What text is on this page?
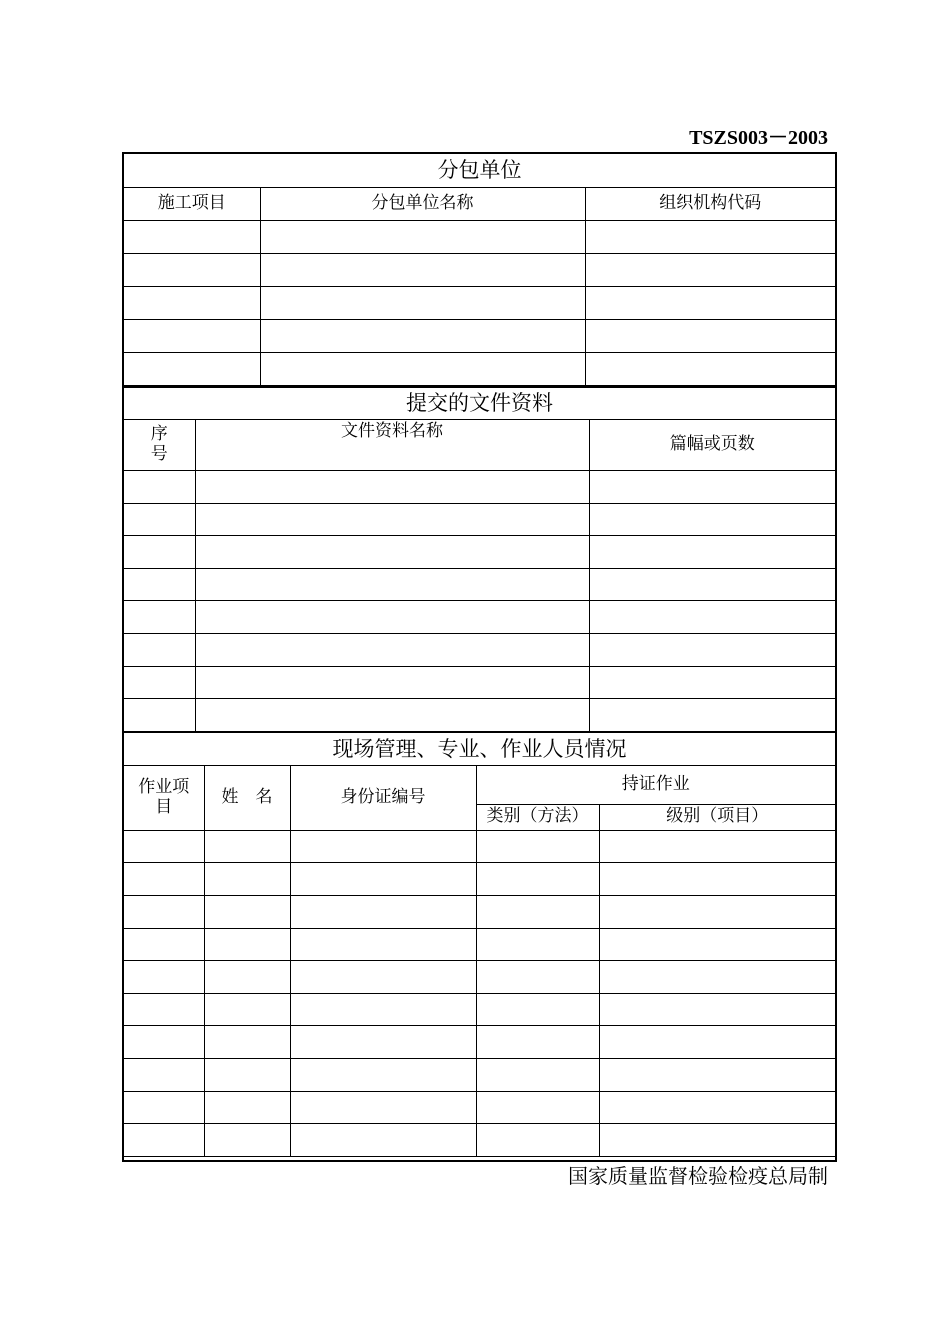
TSZS003－2003
分包单位		
施工项目	分包单位名称	组织机构代码

提交的文件资料		

序
号	文件资料名称	篇幅或页数

现场管理、专业、作业人员情况				

作业项
目	姓　名	身份证编号	持证作业	
			类别（方法）	级别（项目）

国家质量监督检验检疫总局制
